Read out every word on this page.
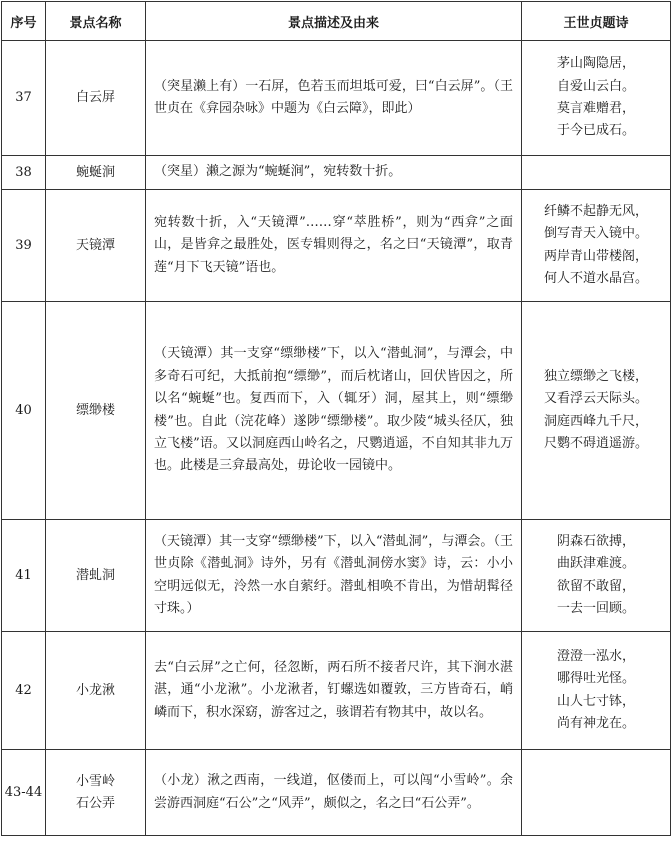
序号	景点名称	景点描述及由来	王世贞题诗
37	白云屏	（突星濑上有）一石屏，色若玉而坦坻可爱，曰“白云屏”。（王世贞在《弇园杂咏》中题为《白云障》，即此）	茅山陶隐居，
自爱山云白。
莫言难赠君，
于今已成石。

38	蜿蜒涧	（突星）濑之源为“蜿蜒涧”，宛转数十折。	
39	天镜潭	宛转数十折，入“天镜潭”……穿“萃胜桥”，则为“西弇”之面山，是皆弇之最胜处，医专辑则得之，名之曰“天镜潭”，取青莲“月下飞天镜”语也。	纤鳞不起静无风，
倒写青天入镜中。
两岸青山带楼阁，
何人不道水晶宫。

40	缥缈楼	（天镜潭）其一支穿“缥缈楼”下，以入“潜虬洞”，与潭会，中多奇石可纪，大抵前抱“缥缈”，而后枕诸山，回伏皆因之，所以名“蜿蜒”也。复西而下，入（辄牙）洞，屋其上，则“缥缈楼”也。自此（浣花峰）遂陟“缥缈楼”。取少陵“城头径仄，独立飞楼”语。又以洞庭西山岭名之，尺鹦逍遥，不自知其非九万也。此楼是三弇最高处，毋论收一园镜中。	独立缥缈之飞楼，
又看浮云天际头。
洞庭西峰九千尺，
尺鹦不碍逍遥游。

41	潜虬洞	（天镜潭）其一支穿“缥缈楼”下，以入“潜虬洞”，与潭会。（王世贞除《潜虬洞》诗外，另有《潜虬洞傍水窦》诗，云：小小空明远似无，泠然一水自萦纡。潜虬相唤不肯出，为惜胡髯径寸珠。）	阴森石欲搏，
曲跃津难渡。
欲留不敢留，
一去一回顾。

42	小龙湫	去“白云屏”之亡何，径忽断，两石所不接者尺许，其下涧水湛湛，通“小龙湫”。小龙湫者，钉螺选如覆敦，三方皆奇石，峭嶙而下，积水深窈，游客过之，骇谓若有物其中，故以名。	澄澄一泓水，
哪得吐光怪。
山人七寸钵，
尚有神龙在。

43-44	小雪岭
石公弄	（小龙）湫之西南，一线道，伛偻而上，可以闯“小雪岭”。余尝游西洞庭“石公”之“风弄”，颇似之，名之曰“石公弄”。	
